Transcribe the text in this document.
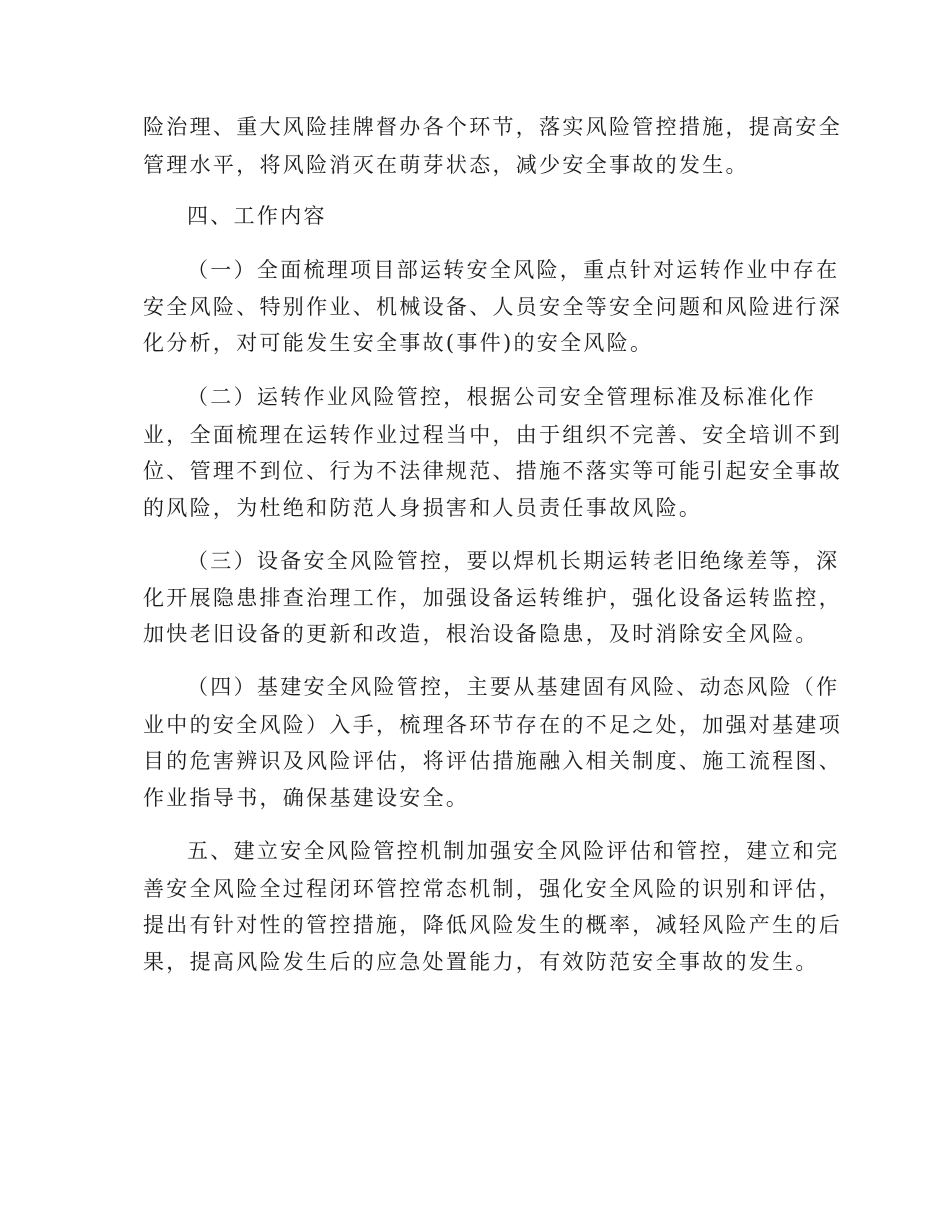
险治理、重大风险挂牌督办各个环节，落实风险管控措施，提高安全
管理水平，将风险消灭在萌芽状态，减少安全事故的发生。
四、工作内容
（一）全面梳理项目部运转安全风险，重点针对运转作业中存在
安全风险、特别作业、机械设备、人员安全等安全问题和风险进行深
化分析，对可能发生安全事故(事件)的安全风险。
（二）运转作业风险管控，根据公司安全管理标准及标准化作
业，全面梳理在运转作业过程当中，由于组织不完善、安全培训不到
位、管理不到位、行为不法律规范、措施不落实等可能引起安全事故
的风险，为杜绝和防范人身损害和人员责任事故风险。
（三）设备安全风险管控，要以焊机长期运转老旧绝缘差等，深
化开展隐患排查治理工作，加强设备运转维护，强化设备运转监控，
加快老旧设备的更新和改造，根治设备隐患，及时消除安全风险。
（四）基建安全风险管控，主要从基建固有风险、动态风险（作
业中的安全风险）入手，梳理各环节存在的不足之处，加强对基建项
目的危害辨识及风险评估，将评估措施融入相关制度、施工流程图、
作业指导书，确保基建设安全。
五、建立安全风险管控机制加强安全风险评估和管控，建立和完
善安全风险全过程闭环管控常态机制，强化安全风险的识别和评估，
提出有针对性的管控措施，降低风险发生的概率，减轻风险产生的后
果，提高风险发生后的应急处置能力，有效防范安全事故的发生。
